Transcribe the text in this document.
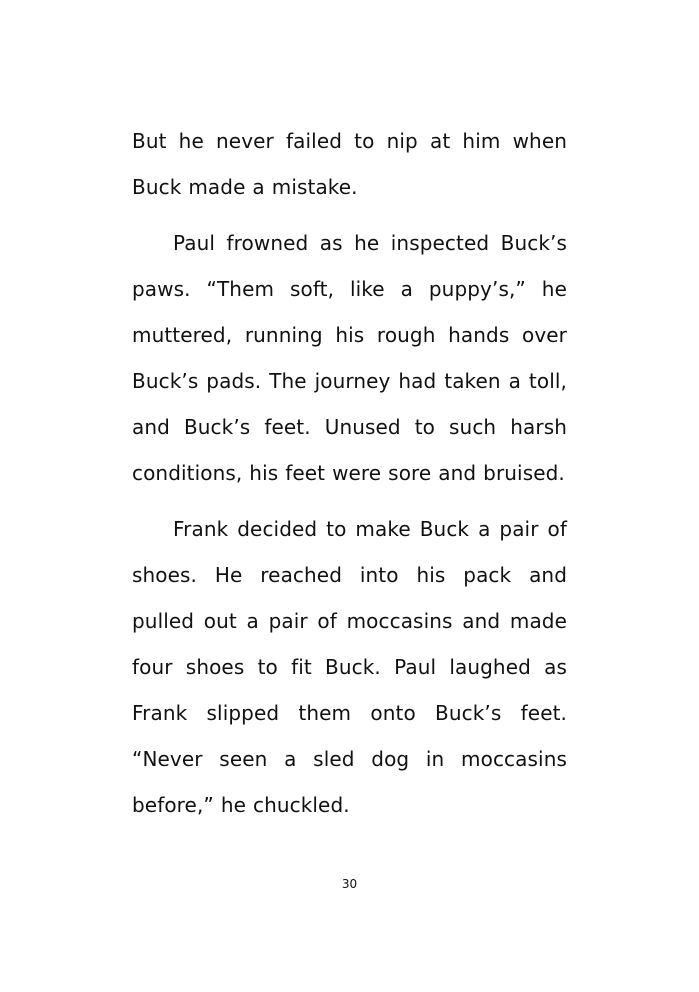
But he never failed to nip at him when Buck made a mistake.

Paul frowned as he inspected Buck’s paws. “Them soft, like a puppy’s,” he muttered, running his rough hands over Buck’s pads. The journey had taken a toll, and Buck’s feet. Unused to such harsh conditions, his feet were sore and bruised.

Frank decided to make Buck a pair of shoes. He reached into his pack and pulled out a pair of moccasins and made four shoes to fit Buck. Paul laughed as Frank slipped them onto Buck’s feet. “Never seen a sled dog in moccasins before,” he chuckled.

30
